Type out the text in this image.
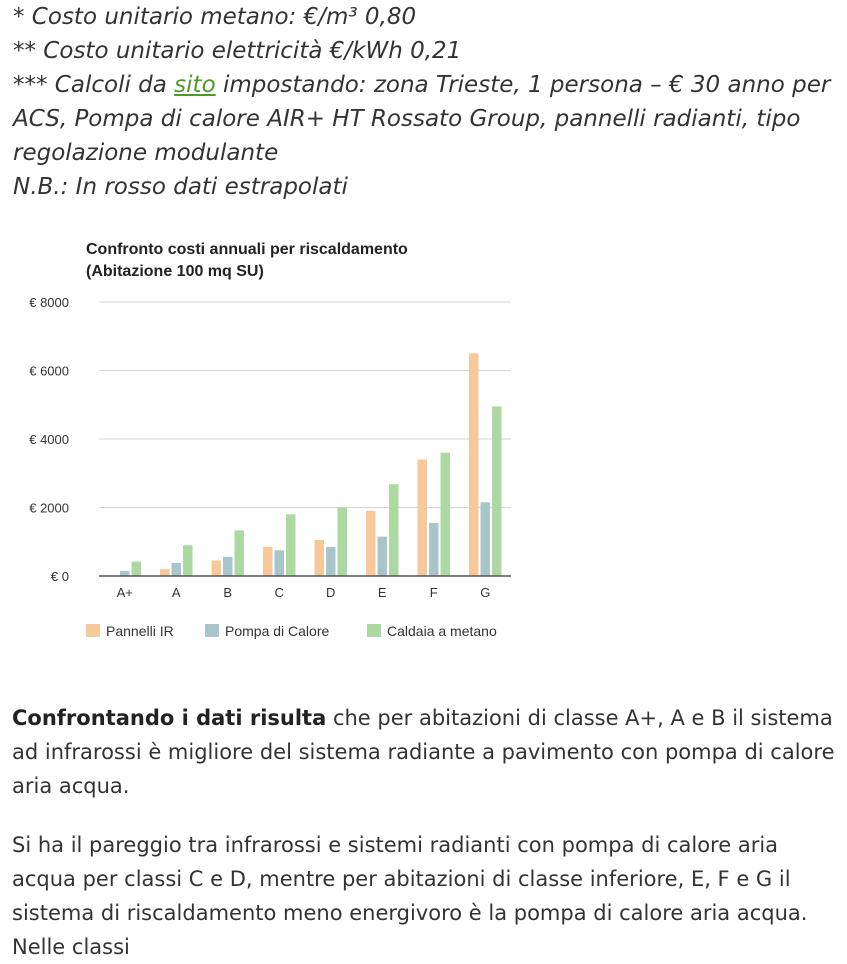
* Costo unitario metano: €/m³ 0,80

** Costo unitario elettricità €/kWh 0,21

*** Calcoli da sito impostando: zona Trieste, 1 persona – € 30 anno per ACS, Pompa di calore AIR+ HT Rossato Group, pannelli radianti, tipo regolazione modulante

N.B.: In rosso dati estrapolati

Confronto costi annuali per riscaldamento
(Abitazione 100 mq SU)
€ 0
€ 2000
€ 4000
€ 6000
€ 8000
A+	A	B	C	D	E	F	G
Pannelli IR	Pompa di Calore	Caldaia a metano

Confrontando i dati risulta che per abitazioni di classe A+, A e B il sistema ad infrarossi è migliore del sistema radiante a pavimento con pompa di calore aria acqua.

Si ha il pareggio tra infrarossi e sistemi radianti con pompa di calore aria acqua per classi C e D, mentre per abitazioni di classe inferiore, E, F e G il sistema di riscaldamento meno energivoro è la pompa di calore aria acqua. Nelle classi
